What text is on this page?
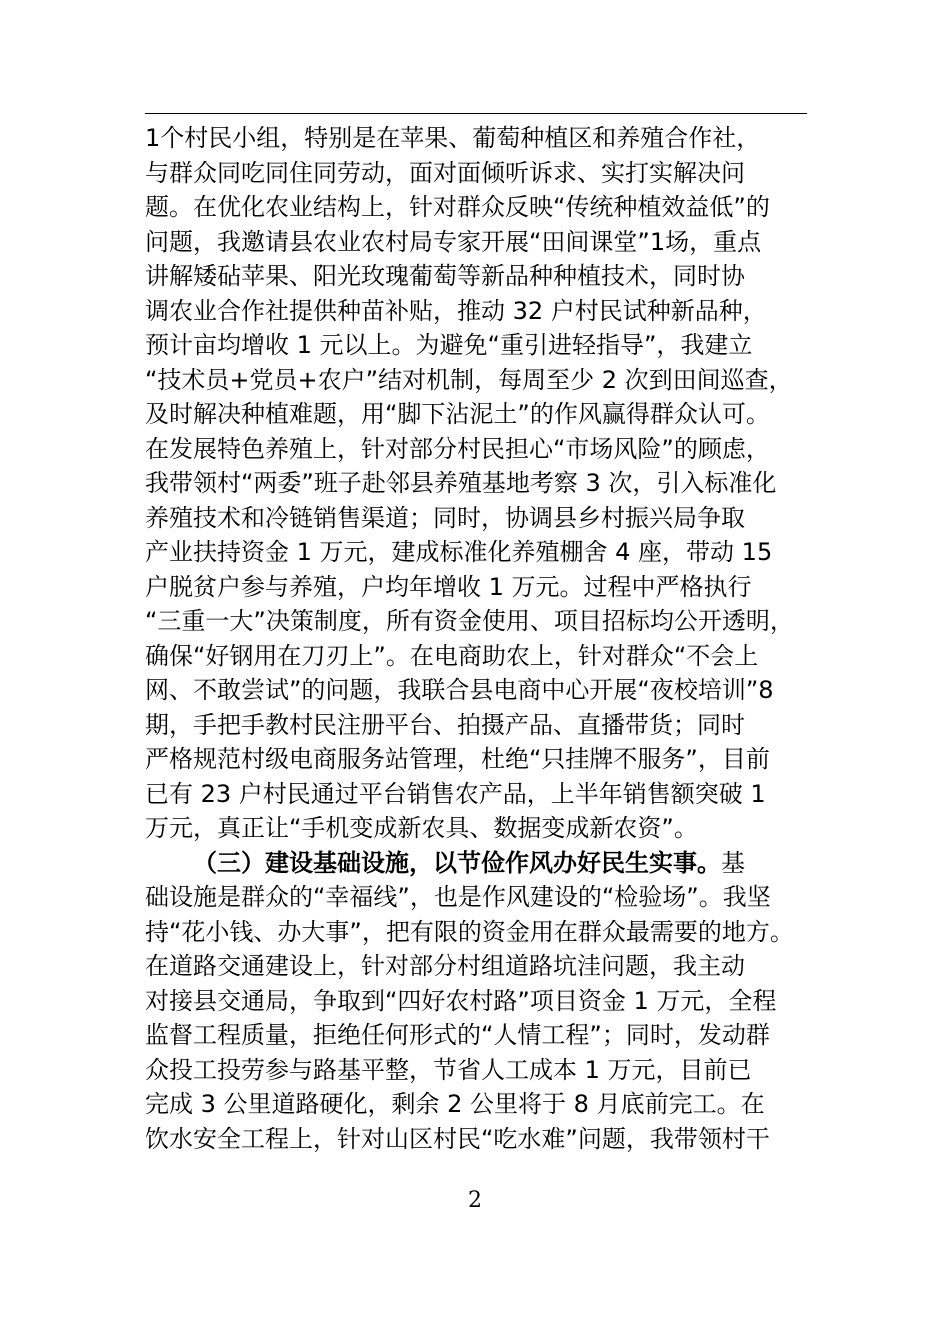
1个村民小组，特别是在苹果、葡萄种植区和养殖合作社，
与群众同吃同住同劳动，面对面倾听诉求、实打实解决问
题。在优化农业结构上，针对群众反映“传统种植效益低”的
问题，我邀请县农业农村局专家开展“田间课堂”1场，重点
讲解矮砧苹果、阳光玫瑰葡萄等新品种种植技术，同时协
调农业合作社提供种苗补贴，推动 32 户村民试种新品种，
预计亩均增收 1 元以上。为避免“重引进轻指导”，我建立
“技术员+党员+农户”结对机制，每周至少 2 次到田间巡查，
及时解决种植难题，用“脚下沾泥土”的作风赢得群众认可。
在发展特色养殖上，针对部分村民担心“市场风险”的顾虑，
我带领村“两委”班子赴邻县养殖基地考察 3 次，引入标准化
养殖技术和冷链销售渠道；同时，协调县乡村振兴局争取
产业扶持资金 1 万元，建成标准化养殖棚舍 4 座，带动 15
户脱贫户参与养殖，户均年增收 1 万元。过程中严格执行
“三重一大”决策制度，所有资金使用、项目招标均公开透明，
确保“好钢用在刀刃上”。在电商助农上，针对群众“不会上
网、不敢尝试”的问题，我联合县电商中心开展“夜校培训”8
期，手把手教村民注册平台、拍摄产品、直播带货；同时
严格规范村级电商服务站管理，杜绝“只挂牌不服务”，目前
已有 23 户村民通过平台销售农产品，上半年销售额突破 1
万元，真正让“手机变成新农具、数据变成新农资”。
（三）建设基础设施，以节俭作风办好民生实事。基
础设施是群众的“幸福线”，也是作风建设的“检验场”。我坚
持“花小钱、办大事”，把有限的资金用在群众最需要的地方。
在道路交通建设上，针对部分村组道路坑洼问题，我主动
对接县交通局，争取到“四好农村路”项目资金 1 万元，全程
监督工程质量，拒绝任何形式的“人情工程”；同时，发动群
众投工投劳参与路基平整，节省人工成本 1 万元，目前已
完成 3 公里道路硬化，剩余 2 公里将于 8 月底前完工。在
饮水安全工程上，针对山区村民“吃水难”问题，我带领村干
2
